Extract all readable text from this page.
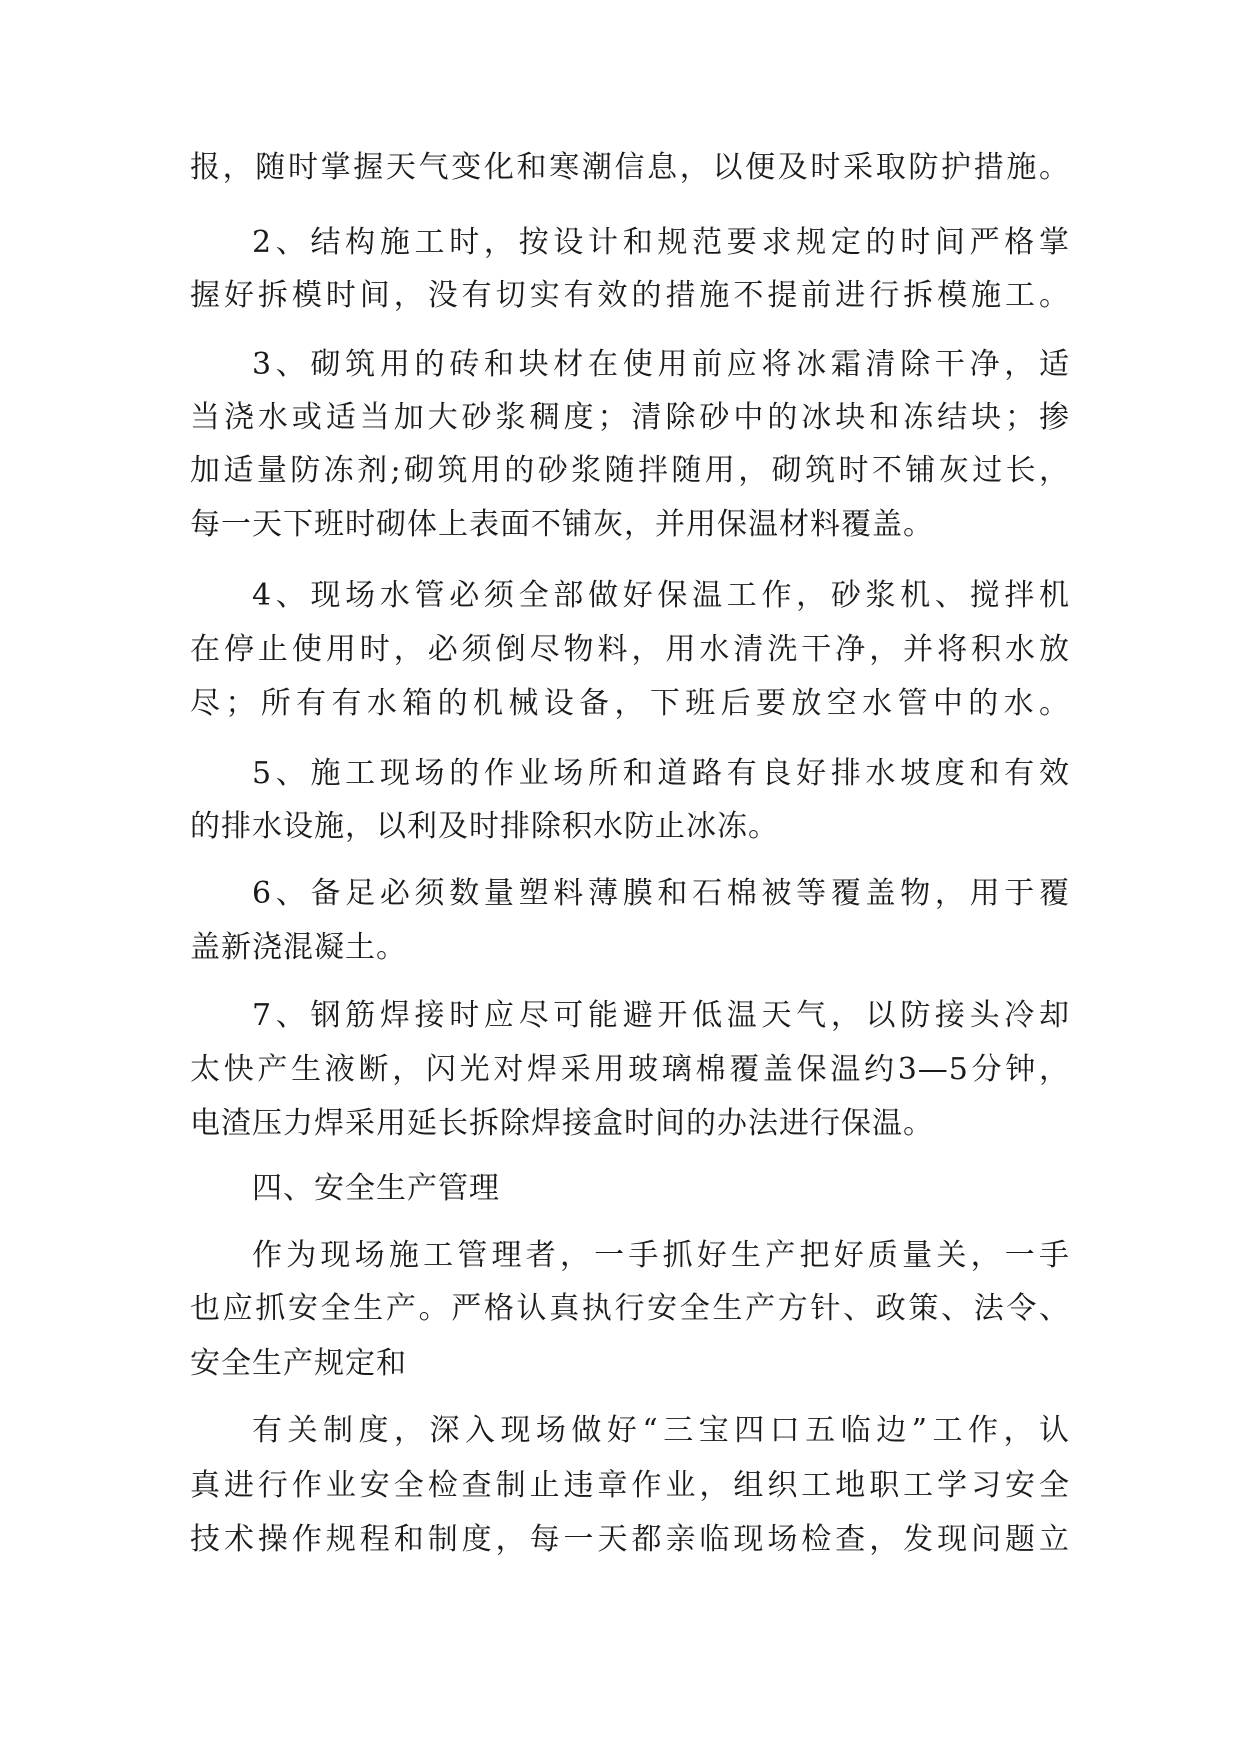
报，随时掌握天气变化和寒潮信息，以便及时采取防护措施。
2、结构施工时，按设计和规范要求规定的时间严格掌
握好拆模时间，没有切实有效的措施不提前进行拆模施工。
3、砌筑用的砖和块材在使用前应将冰霜清除干净，适
当浇水或适当加大砂浆稠度；清除砂中的冰块和冻结块；掺
加适量防冻剂;砌筑用的砂浆随拌随用，砌筑时不铺灰过长，
每一天下班时砌体上表面不铺灰，并用保温材料覆盖。
4、现场水管必须全部做好保温工作，砂浆机、搅拌机
在停止使用时，必须倒尽物料，用水清洗干净，并将积水放
尽；所有有水箱的机械设备，下班后要放空水管中的水。
5、施工现场的作业场所和道路有良好排水坡度和有效
的排水设施，以利及时排除积水防止冰冻。
6、备足必须数量塑料薄膜和石棉被等覆盖物，用于覆
盖新浇混凝土。
7、钢筋焊接时应尽可能避开低温天气，以防接头冷却
太快产生液断，闪光对焊采用玻璃棉覆盖保温约3—5分钟，
电渣压力焊采用延长拆除焊接盒时间的办法进行保温。
四、安全生产管理
作为现场施工管理者，一手抓好生产把好质量关，一手
也应抓安全生产。严格认真执行安全生产方针、政策、法令、
安全生产规定和
有关制度，深入现场做好“三宝四口五临边”工作，认
真进行作业安全检查制止违章作业，组织工地职工学习安全
技术操作规程和制度，每一天都亲临现场检查，发现问题立
